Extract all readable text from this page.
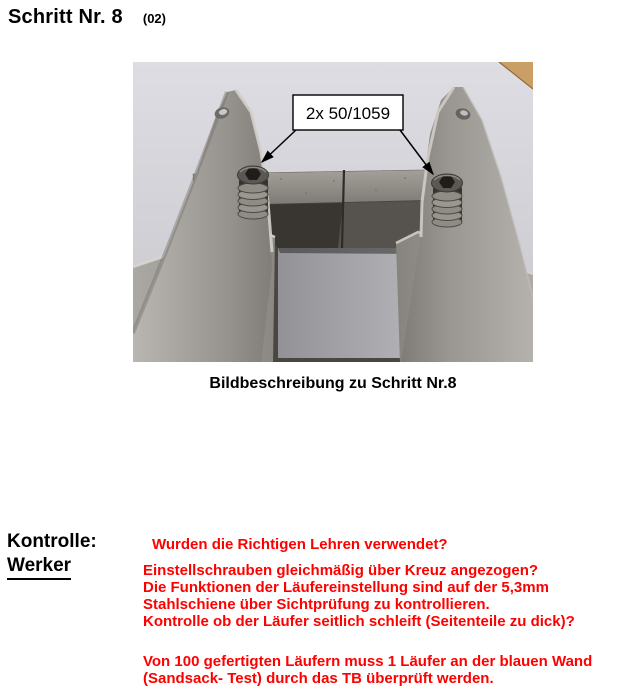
Schritt Nr. 8 (02)
2x 50/1059
Bildbeschreibung zu Schritt Nr.8
Kontrolle:
Werker
Wurden die Richtigen Lehren verwendet?
Einstellschrauben gleichmäßig über Kreuz angezogen?
Die Funktionen der Läufereinstellung sind auf der 5,3mm
Stahlschiene über Sichtprüfung zu kontrollieren.
Kontrolle ob der Läufer seitlich schleift (Seitenteile zu dick)?
Von 100 gefertigten Läufern muss 1 Läufer an der blauen Wand
(Sandsack- Test) durch das TB überprüft werden.
